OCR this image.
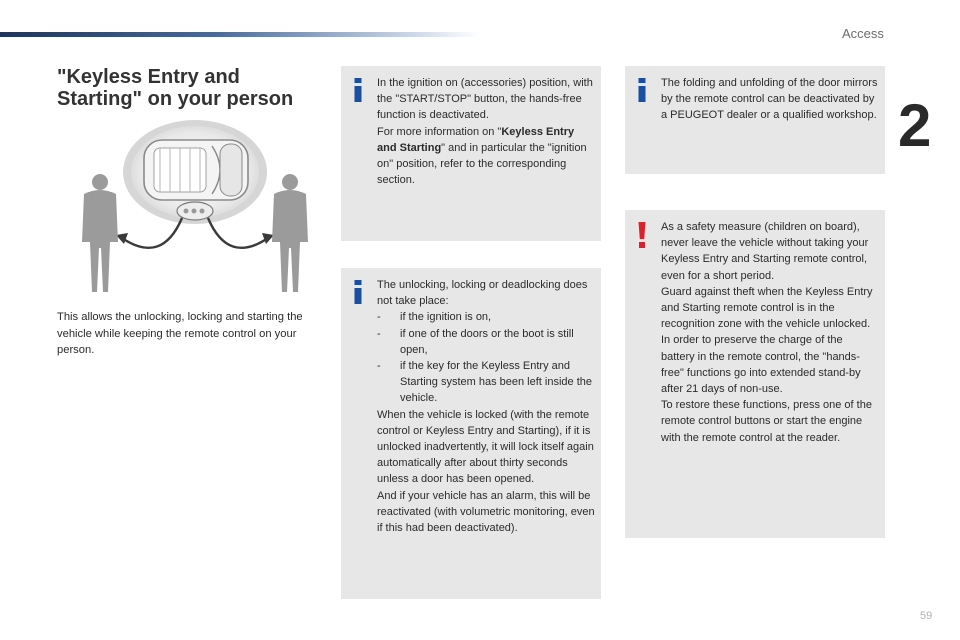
Access
2
"Keyless Entry and
Starting" on your person

This allows the unlocking, locking and starting the vehicle while keeping the remote control on your person.

In the ignition on (accessories) position, with the "START/STOP" button, the hands-free function is deactivated.

For more information on "Keyless Entry and Starting" and in particular the "ignition on" position, refer to the corresponding section.

The unlocking, locking or deadlocking does not take place:

- if the ignition is on,
- if one of the doors or the boot is still open,
- if the key for the Keyless Entry and Starting system has been left inside the vehicle.

When the vehicle is locked (with the remote control or Keyless Entry and Starting), if it is unlocked inadvertently, it will lock itself again automatically after about thirty seconds unless a door has been opened.

And if your vehicle has an alarm, this will be reactivated (with volumetric monitoring, even if this had been deactivated).

The folding and unfolding of the door mirrors by the remote control can be deactivated by a PEUGEOT dealer or a qualified workshop.

As a safety measure (children on board), never leave the vehicle without taking your Keyless Entry and Starting remote control, even for a short period.

Guard against theft when the Keyless Entry and Starting remote control is in the recognition zone with the vehicle unlocked.

In order to preserve the charge of the battery in the remote control, the "hands-free" functions go into extended stand-by after 21 days of non-use.

To restore these functions, press one of the remote control buttons or start the engine with the remote control at the reader.

59
